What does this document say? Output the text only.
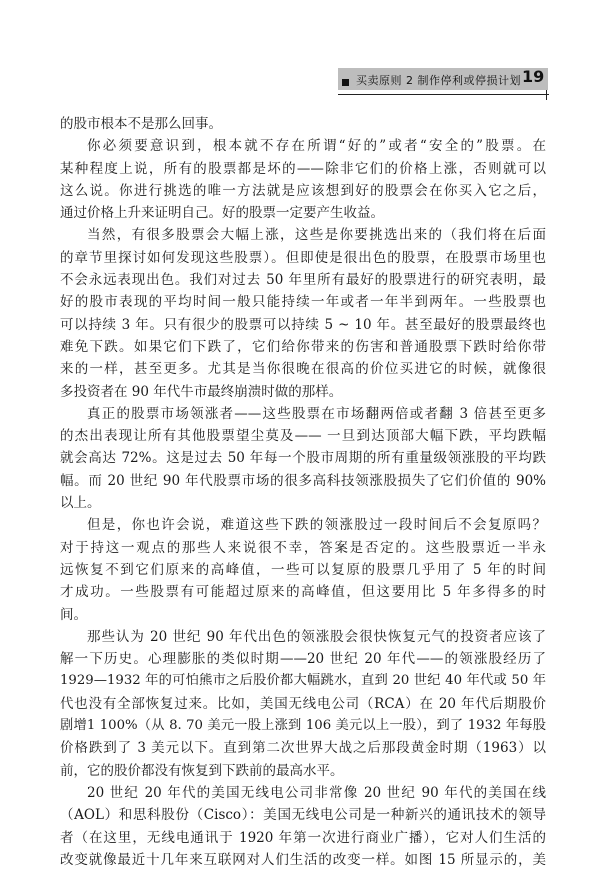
买卖原则 2 制作停利或停损计划 19
的股市根本不是那么回事。
你必须要意识到，根本就不存在所谓“好的”或者“安全的”股票。在
某种程度上说，所有的股票都是坏的——除非它们的价格上涨，否则就可以
这么说。你进行挑选的唯一方法就是应该想到好的股票会在你买入它之后，
通过价格上升来证明自己。好的股票一定要产生收益。
当然，有很多股票会大幅上涨，这些是你要挑选出来的（我们将在后面
的章节里探讨如何发现这些股票）。但即使是很出色的股票，在股票市场里也
不会永远表现出色。我们对过去 50 年里所有最好的股票进行的研究表明，最
好的股市表现的平均时间一般只能持续一年或者一年半到两年。一些股票也
可以持续 3 年。只有很少的股票可以持续 5 ~ 10 年。甚至最好的股票最终也
难免下跌。如果它们下跌了，它们给你带来的伤害和普通股票下跌时给你带
来的一样，甚至更多。尤其是当你很晚在很高的价位买进它的时候，就像很
多投资者在 90 年代牛市最终崩溃时做的那样。
真正的股票市场领涨者——这些股票在市场翻两倍或者翻 3 倍甚至更多
的杰出表现让所有其他股票望尘莫及—— 一旦到达顶部大幅下跌，平均跌幅
就会高达 72%。这是过去 50 年每一个股市周期的所有重量级领涨股的平均跌
幅。而 20 世纪 90 年代股票市场的很多高科技领涨股损失了它们价值的 90%
以上。
但是，你也许会说，难道这些下跌的领涨股过一段时间后不会复原吗？
对于持这一观点的那些人来说很不幸，答案是否定的。这些股票近一半永
远恢复不到它们原来的高峰值，一些可以复原的股票几乎用了 5 年的时间
才成功。一些股票有可能超过原来的高峰值，但这要用比 5 年多得多的时
间。
那些认为 20 世纪 90 年代出色的领涨股会很快恢复元气的投资者应该了
解一下历史。心理膨胀的类似时期——20 世纪 20 年代——的领涨股经历了
1929—1932 年的可怕熊市之后股价都大幅跳水，直到 20 世纪 40 年代或 50 年
代也没有全部恢复过来。比如，美国无线电公司（RCA）在 20 年代后期股价
剧增1 100%（从 8. 70 美元一股上涨到 106 美元以上一股），到了 1932 年每股
价格跌到了 3 美元以下。直到第二次世界大战之后那段黄金时期（1963）以
前，它的股价都没有恢复到下跌前的最高水平。
20 世纪 20 年代的美国无线电公司非常像 20 世纪 90 年代的美国在线
（AOL）和思科股份（Cisco）：美国无线电公司是一种新兴的通讯技术的领导
者（在这里，无线电通讯于 1920 年第一次进行商业广播），它对人们生活的
改变就像最近十几年来互联网对人们生活的改变一样。如图 15 所显示的，美
